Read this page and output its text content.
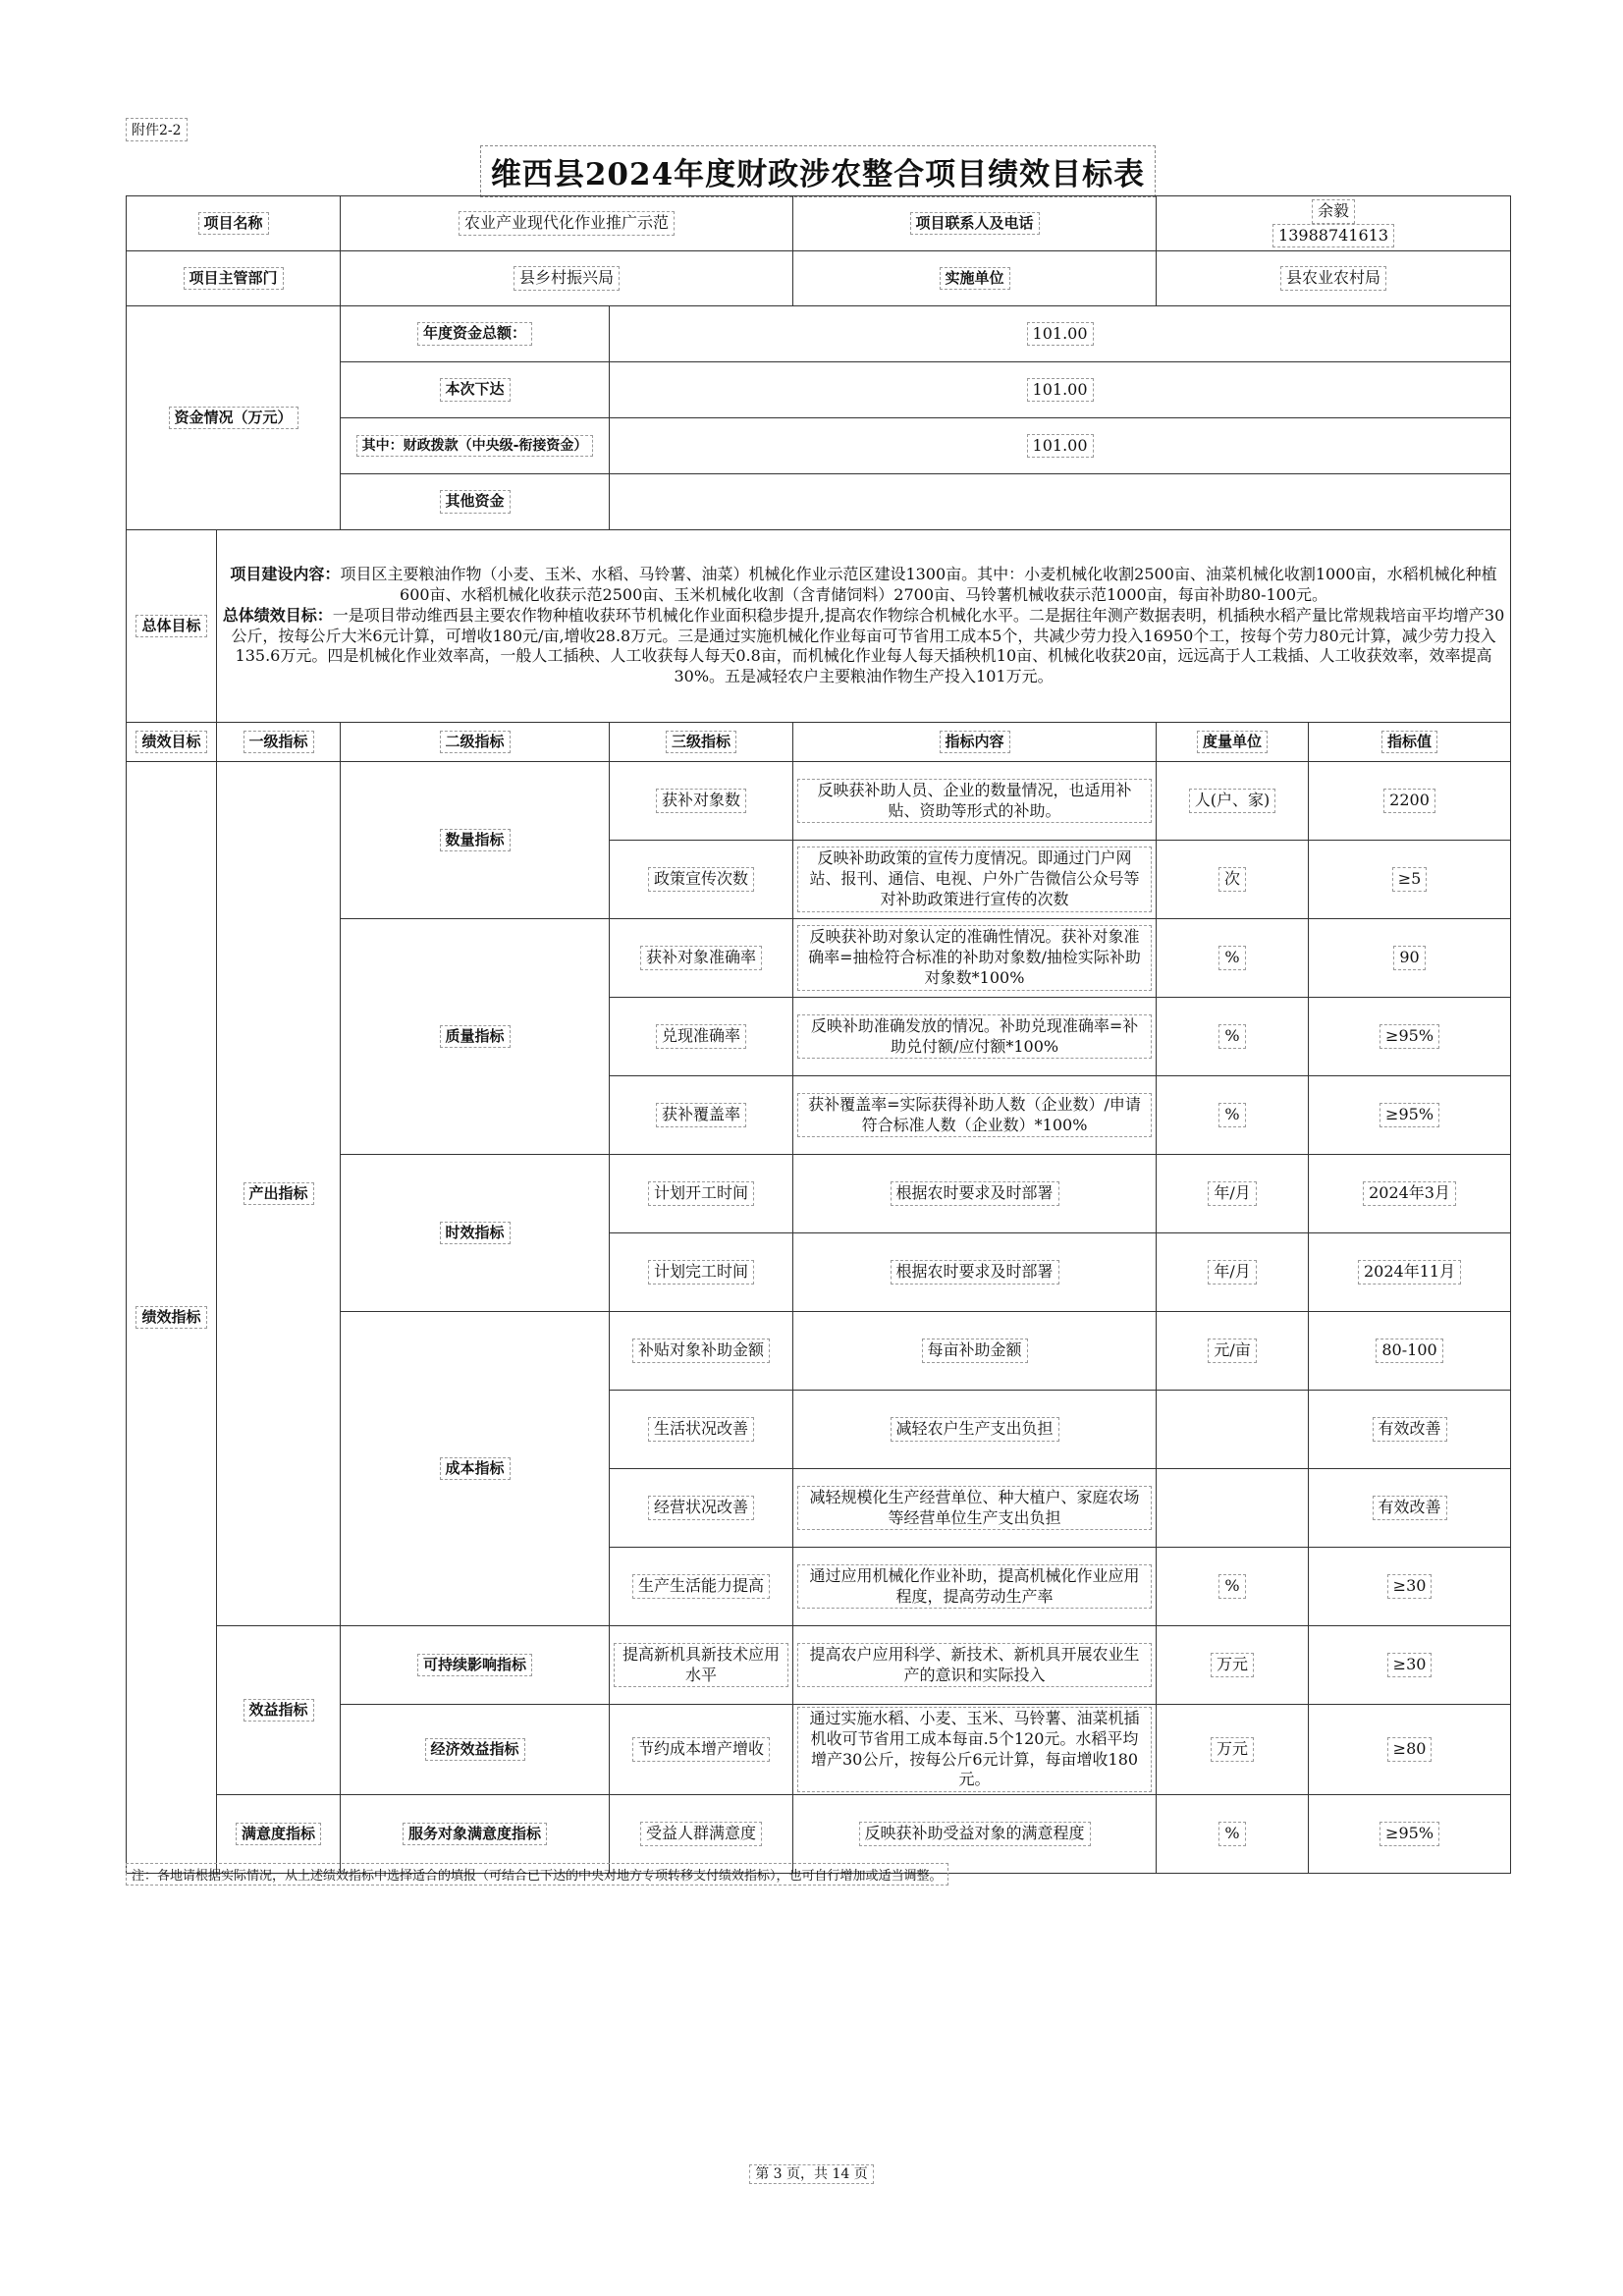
附件2-2
维西县2024年度财政涉农整合项目绩效目标表
项目名称		农业产业现代化作业推广示范		项目联系人及电话	余毅
13988741613	

项目主管部门		县乡村振兴局		实施单位	县农业农村局	
资金情况（万元）		年度资金总额：	101.00			
		本次下达	101.00			
		其中：财政拨款（中央级-衔接资金）	101.00			
		其他资金				
总体目标	项目建设内容：项目区主要粮油作物（小麦、玉米、水稻、马铃薯、油菜）机械化作业示范区建设1300亩。其中：小麦机械化收割2500亩、油菜机械化收割1000亩，水稻机械化种植600亩、水稻机械化收获示范2500亩、玉米机械化收割（含青储饲料）2700亩、马铃薯机械收获示范1000亩，每亩补助80-100元。
总体绩效目标：一是项目带动维西县主要农作物种植收获环节机械化作业面积稳步提升,提高农作物综合机械化水平。二是据往年测产数据表明，机插秧水稻产量比常规栽培亩平均增产30公斤，按每公斤大米6元计算，可增收180元/亩,增收28.8万元。三是通过实施机械化作业每亩可节省用工成本5个，共减少劳力投入16950个工，按每个劳力80元计算，减少劳力投入135.6万元。四是机械化作业效率高，一般人工插秧、人工收获每人每天0.8亩，而机械化作业每人每天插秧机10亩、机械化收获20亩，远远高于人工栽插、人工收获效率，效率提高30%。五是减轻农户主要粮油作物生产投入101万元。					

绩效目标	一级指标	二级指标	三级指标	指标内容	度量单位	指标值
绩效指标	产出指标	数量指标	获补对象数	反映获补助人员、企业的数量情况，也适用补贴、资助等形式的补助。	人(户、家)	2200
			政策宣传次数	反映补助政策的宣传力度情况。即通过门户网站、报刊、通信、电视、户外广告微信公众号等对补助政策进行宣传的次数	次	≥5
		质量指标	获补对象准确率	反映获补助对象认定的准确性情况。获补对象准确率=抽检符合标准的补助对象数/抽检实际补助对象数*100%	%	90
			兑现准确率	反映补助准确发放的情况。补助兑现准确率=补助兑付额/应付额*100%	%	≥95%
			获补覆盖率	获补覆盖率=实际获得补助人数（企业数）/申请符合标准人数（企业数）*100%	%	≥95%
		时效指标	计划开工时间	根据农时要求及时部署	年/月	2024年3月
			计划完工时间	根据农时要求及时部署	年/月	2024年11月
		成本指标	补贴对象补助金额	每亩补助金额	元/亩	80-100
			生活状况改善	减轻农户生产支出负担		有效改善
			经营状况改善	减轻规模化生产经营单位、种大植户、家庭农场等经营单位生产支出负担		有效改善
			生产生活能力提高	通过应用机械化作业补助，提高机械化作业应用程度，提高劳动生产率	%	≥30
	效益指标	可持续影响指标	提高新机具新技术应用水平	提高农户应用科学、新技术、新机具开展农业生产的意识和实际投入	万元	≥30
		经济效益指标	节约成本增产增收	通过实施水稻、小麦、玉米、马铃薯、油菜机插机收可节省用工成本每亩.5个120元。水稻平均增产30公斤，按每公斤6元计算，每亩增收180元。	万元	≥80
	满意度指标	服务对象满意度指标	受益人群满意度	反映获补助受益对象的满意程度	%	≥95%
注：各地请根据实际情况，从上述绩效指标中选择适合的填报（可结合已下达的中央对地方专项转移支付绩效指标），也可自行增加或适当调整。
第 3 页，共 14 页
